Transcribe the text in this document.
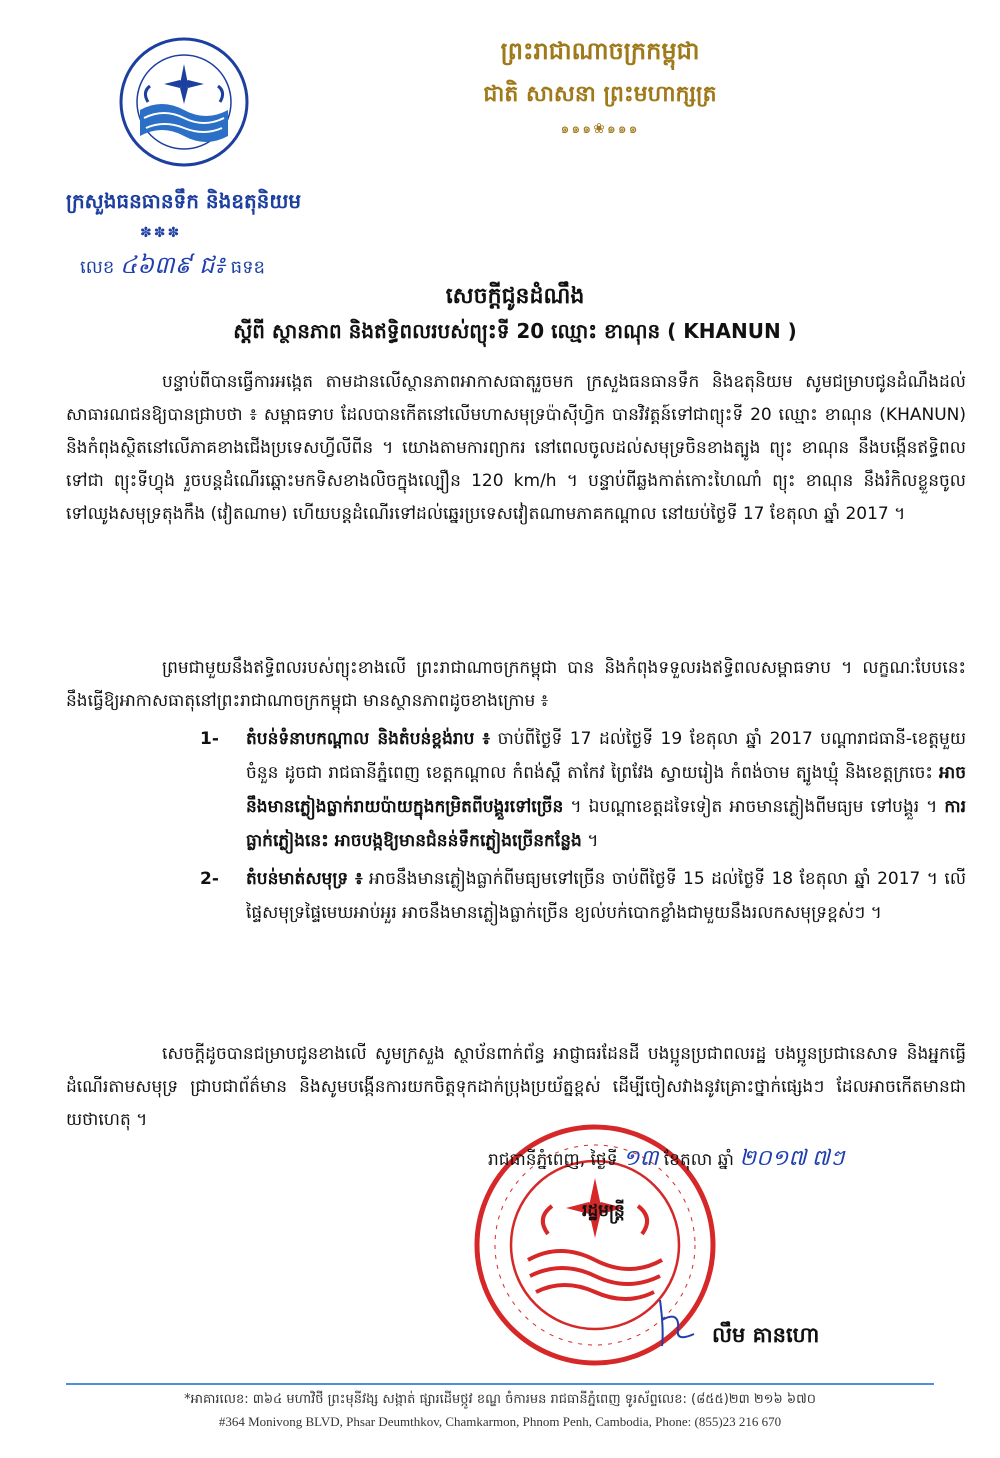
ព្រះរាជាណាចក្រកម្ពុជា
ជាតិ សាសនា ព្រះមហាក្សត្រ
๑๑๑❀๑๑๑
ក្រសួងធនធានទឹក និងឧតុនិយម
✽✽✽
លេខ ៤៦៣៩ ជ៖ ធទឧ
សេចក្ដីជូនដំណឹង
ស្ដីពី ស្ថានភាព និងឥទ្ធិពលរបស់ព្យុះទី 20 ឈ្មោះ ខាណុន ( KHANUN )
បន្ទាប់ពីបានធ្វើការអង្កេត តាមដានលើស្ថានភាពអាកាសធាតុរួចមក ក្រសួងធនធានទឹក និងឧតុនិយម សូមជម្រាបជូនដំណឹងដល់សាធារណជនឱ្យបានជ្រាបថា ៖ សម្ពាធទាប ដែលបានកើតនៅលើមហាសមុទ្រប៉ាស៊ីហ្វិក បានវិវត្តន៍ទៅជាព្យុះទី 20 ឈ្មោះ ខាណុន (KHANUN) និងកំពុងស្ថិតនៅលើភាគខាងជើងប្រទេសហ្វីលីពីន ។ យោងតាមការព្យាករ នៅពេលចូលដល់សមុទ្រចិនខាងត្បូង ព្យុះ ខាណុន នឹងបង្កើនឥទ្ធិពលទៅជា ព្យុះទីហ្វុង រួចបន្តដំណើរឆ្ពោះមកទិសខាងលិចក្នុងល្បឿន 120 km/h ។ បន្ទាប់ពីឆ្លងកាត់កោះហៃណាំ ព្យុះ ខាណុន នឹងរំកិលខ្លួនចូលទៅឈូងសមុទ្រតុងកឹង (វៀតណាម) ហើយបន្តដំណើរទៅដល់ឆ្នេរប្រទេសវៀតណាមភាគកណ្ដាល នៅយប់ថ្ងៃទី 17 ខែតុលា ឆ្នាំ 2017 ។
ព្រមជាមួយនឹងឥទ្ធិពលរបស់ព្យុះខាងលើ ព្រះរាជាណាចក្រកម្ពុជា បាន និងកំពុងទទួលរងឥទ្ធិពលសម្ពាធទាប ។ លក្ខណៈបែបនេះ នឹងធ្វើឱ្យអាកាសធាតុនៅព្រះរាជាណាចក្រកម្ពុជា មានស្ថានភាពដូចខាងក្រោម ៖
1- តំបន់ទំនាបកណ្ដាល និងតំបន់ខ្ពង់រាប ៖ ចាប់ពីថ្ងៃទី 17 ដល់ថ្ងៃទី 19 ខែតុលា ឆ្នាំ 2017 បណ្ដារាជធានី-ខេត្តមួយចំនួន ដូចជា រាជធានីភ្នំពេញ ខេត្តកណ្ដាល កំពង់ស្ពឺ តាកែវ ព្រៃវែង ស្វាយរៀង កំពង់ចាម ត្បូងឃ្មុំ និងខេត្តក្រចេះ អាចនឹងមានភ្លៀងធ្លាក់រាយប៉ាយក្នុងកម្រិតពីបង្គួរទៅច្រើន ។ ឯបណ្ដាខេត្តដទៃទៀត អាចមានភ្លៀងពីមធ្យម ទៅបង្គួរ ។ ការធ្លាក់ភ្លៀងនេះ អាចបង្កឱ្យមានជំនន់ទឹកភ្លៀងច្រើនកន្លែង ។
2- តំបន់មាត់សមុទ្រ ៖ អាចនឹងមានភ្លៀងធ្លាក់ពីមធ្យមទៅច្រើន ចាប់ពីថ្ងៃទី 15 ដល់ថ្ងៃទី 18 ខែតុលា ឆ្នាំ 2017 ។ លើផ្ទៃសមុទ្រផ្ទៃមេឃអាប់អួរ អាចនឹងមានភ្លៀងធ្លាក់ច្រើន ខ្យល់បក់បោកខ្លាំងជាមួយនឹងរលកសមុទ្រខ្ពស់ៗ ។
សេចក្ដីដូចបានជម្រាបជូនខាងលើ សូមក្រសួង ស្ថាប័នពាក់ព័ន្ធ អាជ្ញាធរដែនដី បងប្អូនប្រជាពលរដ្ឋ បងប្អូនប្រជានេសាទ និងអ្នកធ្វើដំណើរតាមសមុទ្រ ជ្រាបជាព័ត៌មាន និងសូមបង្កើនការយកចិត្តទុកដាក់ប្រុងប្រយ័ត្នខ្ពស់ ដើម្បីចៀសវាងនូវគ្រោះថ្នាក់ផ្សេងៗ ដែលអាចកើតមានជាយថាហេតុ ។
រាជធានីភ្នំពេញ, ថ្ងៃទី ១៣ ខែតុលា ឆ្នាំ ២០១៧ ៧ៗ
រដ្ឋមន្ត្រី
លឹម គានហោ
*អាគារលេខ: ៣៦៤ មហាវិថី ព្រះមុនីវង្ស សង្កាត់ ផ្សារដើមថ្កូវ ខណ្ឌ ចំការមន រាជធានីភ្នំពេញ ទូរស័ព្ទលេខ: (៨៥៥)២៣ ២១៦ ៦៧០
#364 Monivong BLVD, Phsar Deumthkov, Chamkarmon, Phnom Penh, Cambodia, Phone: (855)23 216 670
